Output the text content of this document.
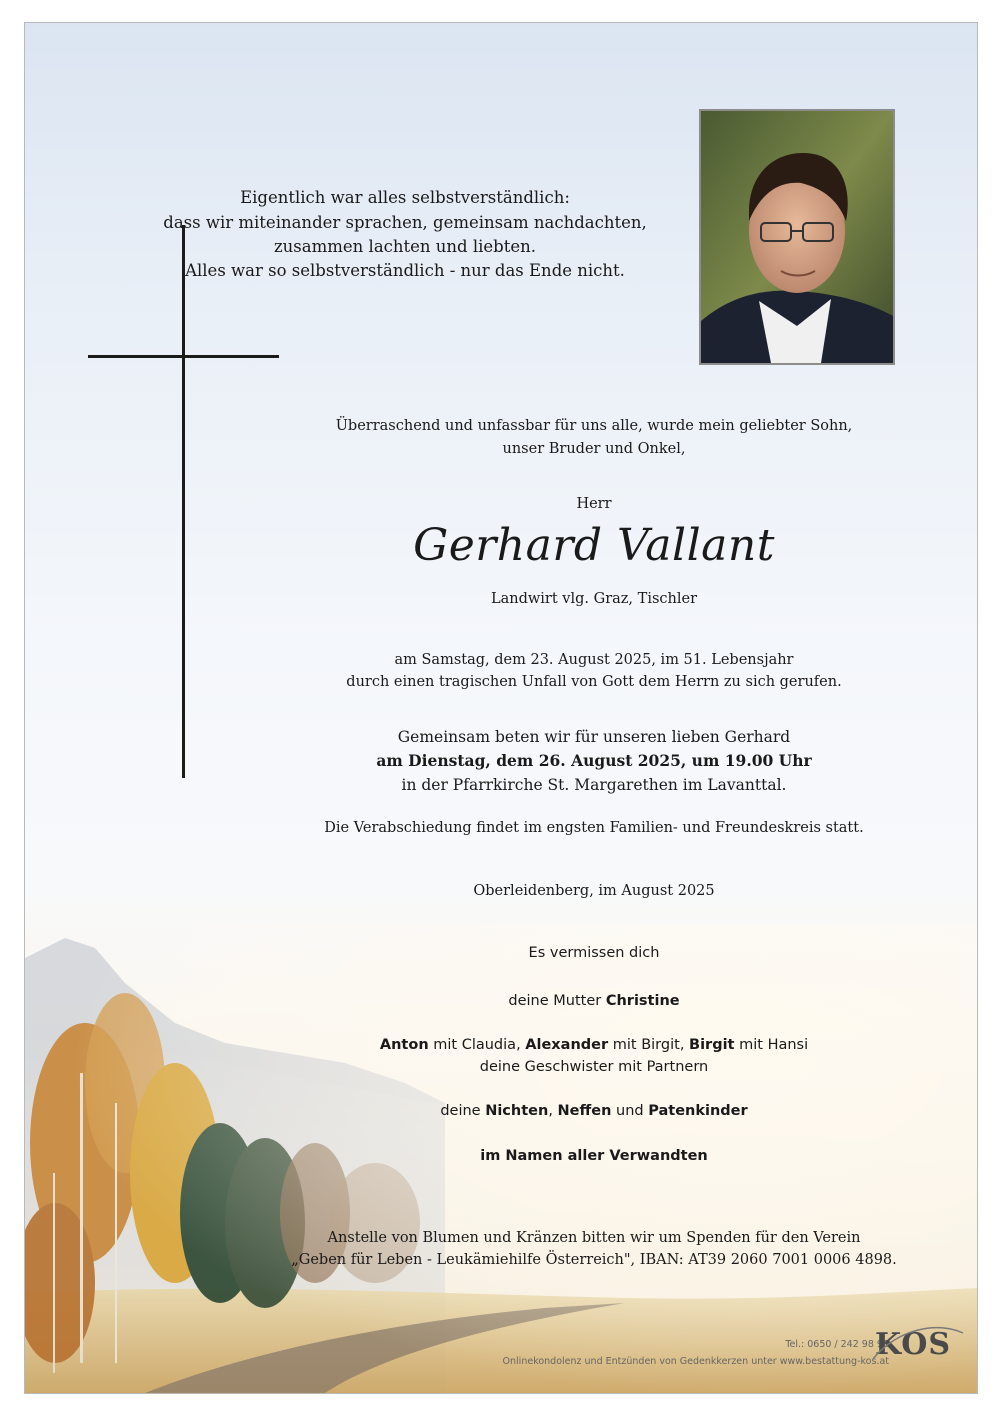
Eigentlich war alles selbstverständlich:
dass wir miteinander sprachen, gemeinsam nachdachten,
zusammen lachten und liebten.
Alles war so selbstverständlich - nur das Ende nicht.
Überraschend und unfassbar für uns alle, wurde mein geliebter Sohn,
unser Bruder und Onkel,
Herr
Gerhard Vallant
Landwirt vlg. Graz, Tischler
am Samstag, dem 23. August 2025, im 51. Lebensjahr
durch einen tragischen Unfall von Gott dem Herrn zu sich gerufen.
Gemeinsam beten wir für unseren lieben Gerhard
am Dienstag, dem 26. August 2025, um 19.00 Uhr
in der Pfarrkirche St. Margarethen im Lavanttal.
Die Verabschiedung findet im engsten Familien- und Freundeskreis statt.
Oberleidenberg, im August 2025
Es vermissen dich
deine Mutter Christine
Anton mit Claudia, Alexander mit Birgit, Birgit mit Hansi
deine Geschwister mit Partnern
deine Nichten, Neffen und Patenkinder
im Namen aller Verwandten
Anstelle von Blumen und Kränzen bitten wir um Spenden für den Verein
„Geben für Leben - Leukämiehilfe Österreich", IBAN: AT39 2060 7001 0006 4898.
Tel.: 0650 / 242 98 98
Onlinekondolenz und Entzünden von Gedenkkerzen unter www.bestattung-kos.at
KOS
